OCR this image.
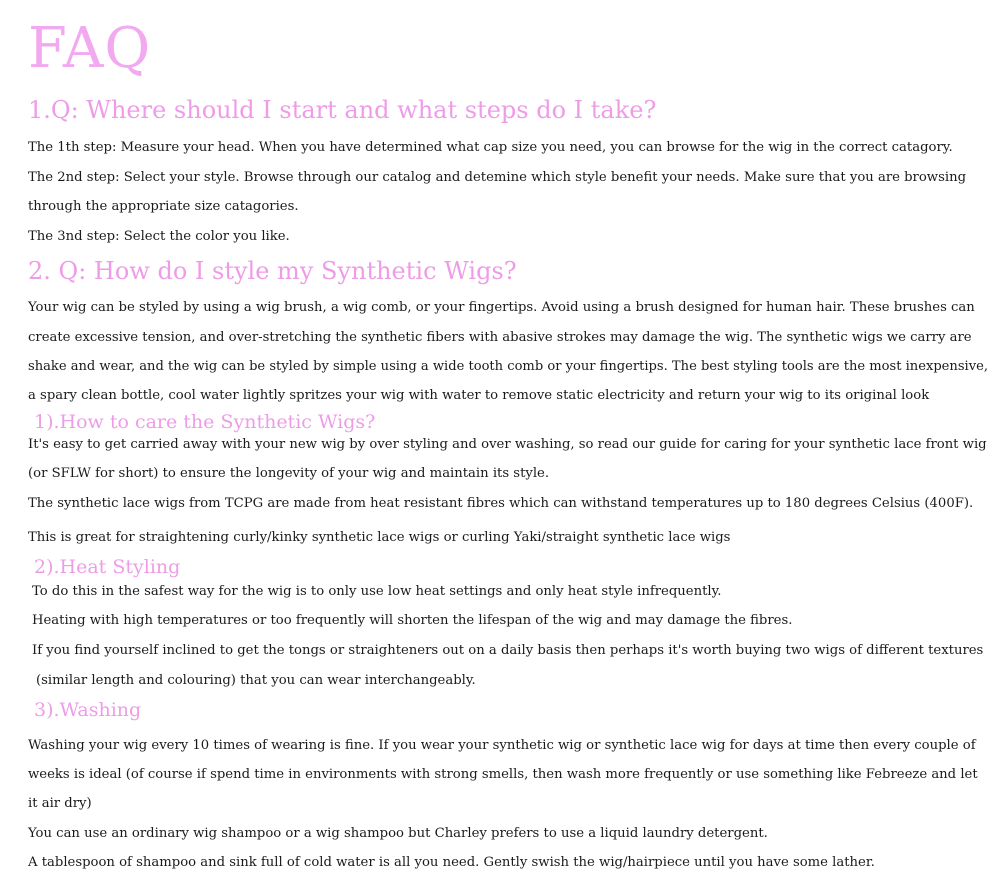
FAQ
1.Q: Where should I start and what steps do I take?
The 1th step: Measure your head. When you have determined what cap size you need, you can browse for the wig in the correct catagory.
The 2nd step: Select your style. Browse through our catalog and detemine which style benefit your needs. Make sure that you are browsing
through the appropriate size catagories.
The 3nd step: Select the color you like.
2. Q: How do I style my Synthetic Wigs?
Your wig can be styled by using a wig brush, a wig comb, or your fingertips. Avoid using a brush designed for human hair. These brushes can
create excessive tension, and over-stretching the synthetic fibers with abasive strokes may damage the wig. The synthetic wigs we carry are
shake and wear, and the wig can be styled by simple using a wide tooth comb or your fingertips. The best styling tools are the most inexpensive,
a spary clean bottle, cool water lightly spritzes your wig with water to remove static electricity and return your wig to its original look
1).How to care the Synthetic Wigs?
It's easy to get carried away with your new wig by over styling and over washing, so read our guide for caring for your synthetic lace front wig
(or SFLW for short) to ensure the longevity of your wig and maintain its style.
The synthetic lace wigs from TCPG are made from heat resistant fibres which can withstand temperatures up to 180 degrees Celsius (400F).
This is great for straightening curly/kinky synthetic lace wigs or curling Yaki/straight synthetic lace wigs
2).Heat Styling
To do this in the safest way for the wig is to only use low heat settings and only heat style infrequently.
Heating with high temperatures or too frequently will shorten the lifespan of the wig and may damage the fibres.
If you find yourself inclined to get the tongs or straighteners out on a daily basis then perhaps it's worth buying two wigs of different textures
(similar length and colouring) that you can wear interchangeably.
3).Washing
Washing your wig every 10 times of wearing is fine. If you wear your synthetic wig or synthetic lace wig for days at time then every couple of
weeks is ideal (of course if spend time in environments with strong smells, then wash more frequently or use something like Febreeze and let
it air dry)
You can use an ordinary wig shampoo or a wig shampoo but Charley prefers to use a liquid laundry detergent.
A tablespoon of shampoo and sink full of cold water is all you need. Gently swish the wig/hairpiece until you have some lather.
